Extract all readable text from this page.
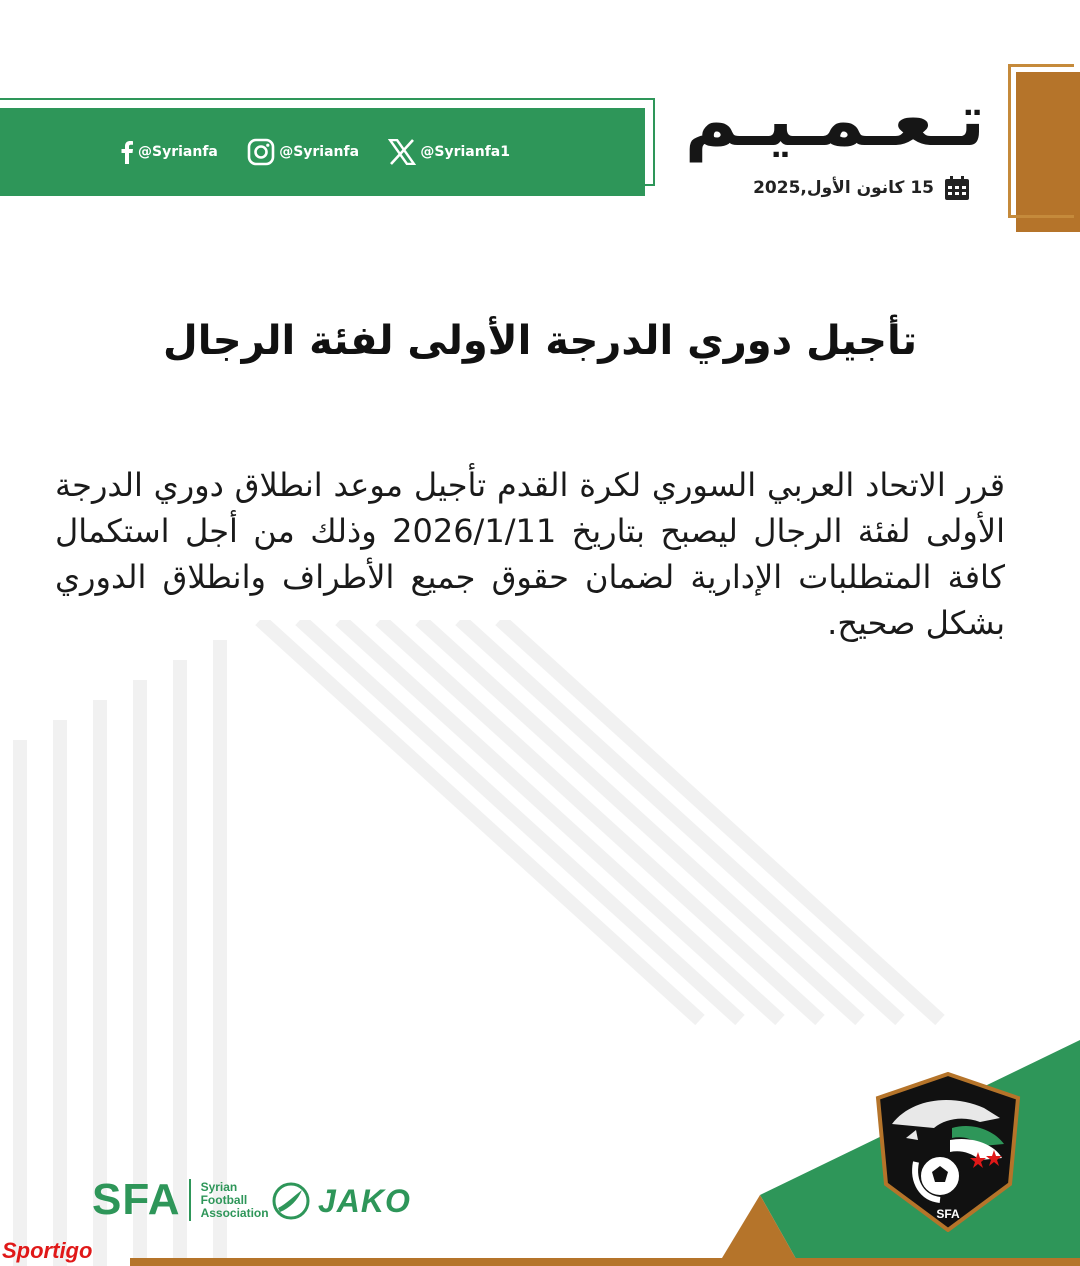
@Syrianfa	@Syrianfa	@Syrianfa1 تـعـمـيـم
15 كانون الأول,2025
تأجيل دوري الدرجة الأولى لفئة الرجال
قرر الاتحاد العربي السوري لكرة القدم تأجيل موعد انطلاق دوري الدرجة الأولى لفئة الرجال ليصبح بتاريخ 2026/1/11 وذلك من أجل استكمال كافة المتطلبات الإدارية لضمان حقوق جميع الأطراف وانطلاق الدوري بشكل صحيح.
SFA
SFA Syrian
Football
Association JAKO
Sportigo
